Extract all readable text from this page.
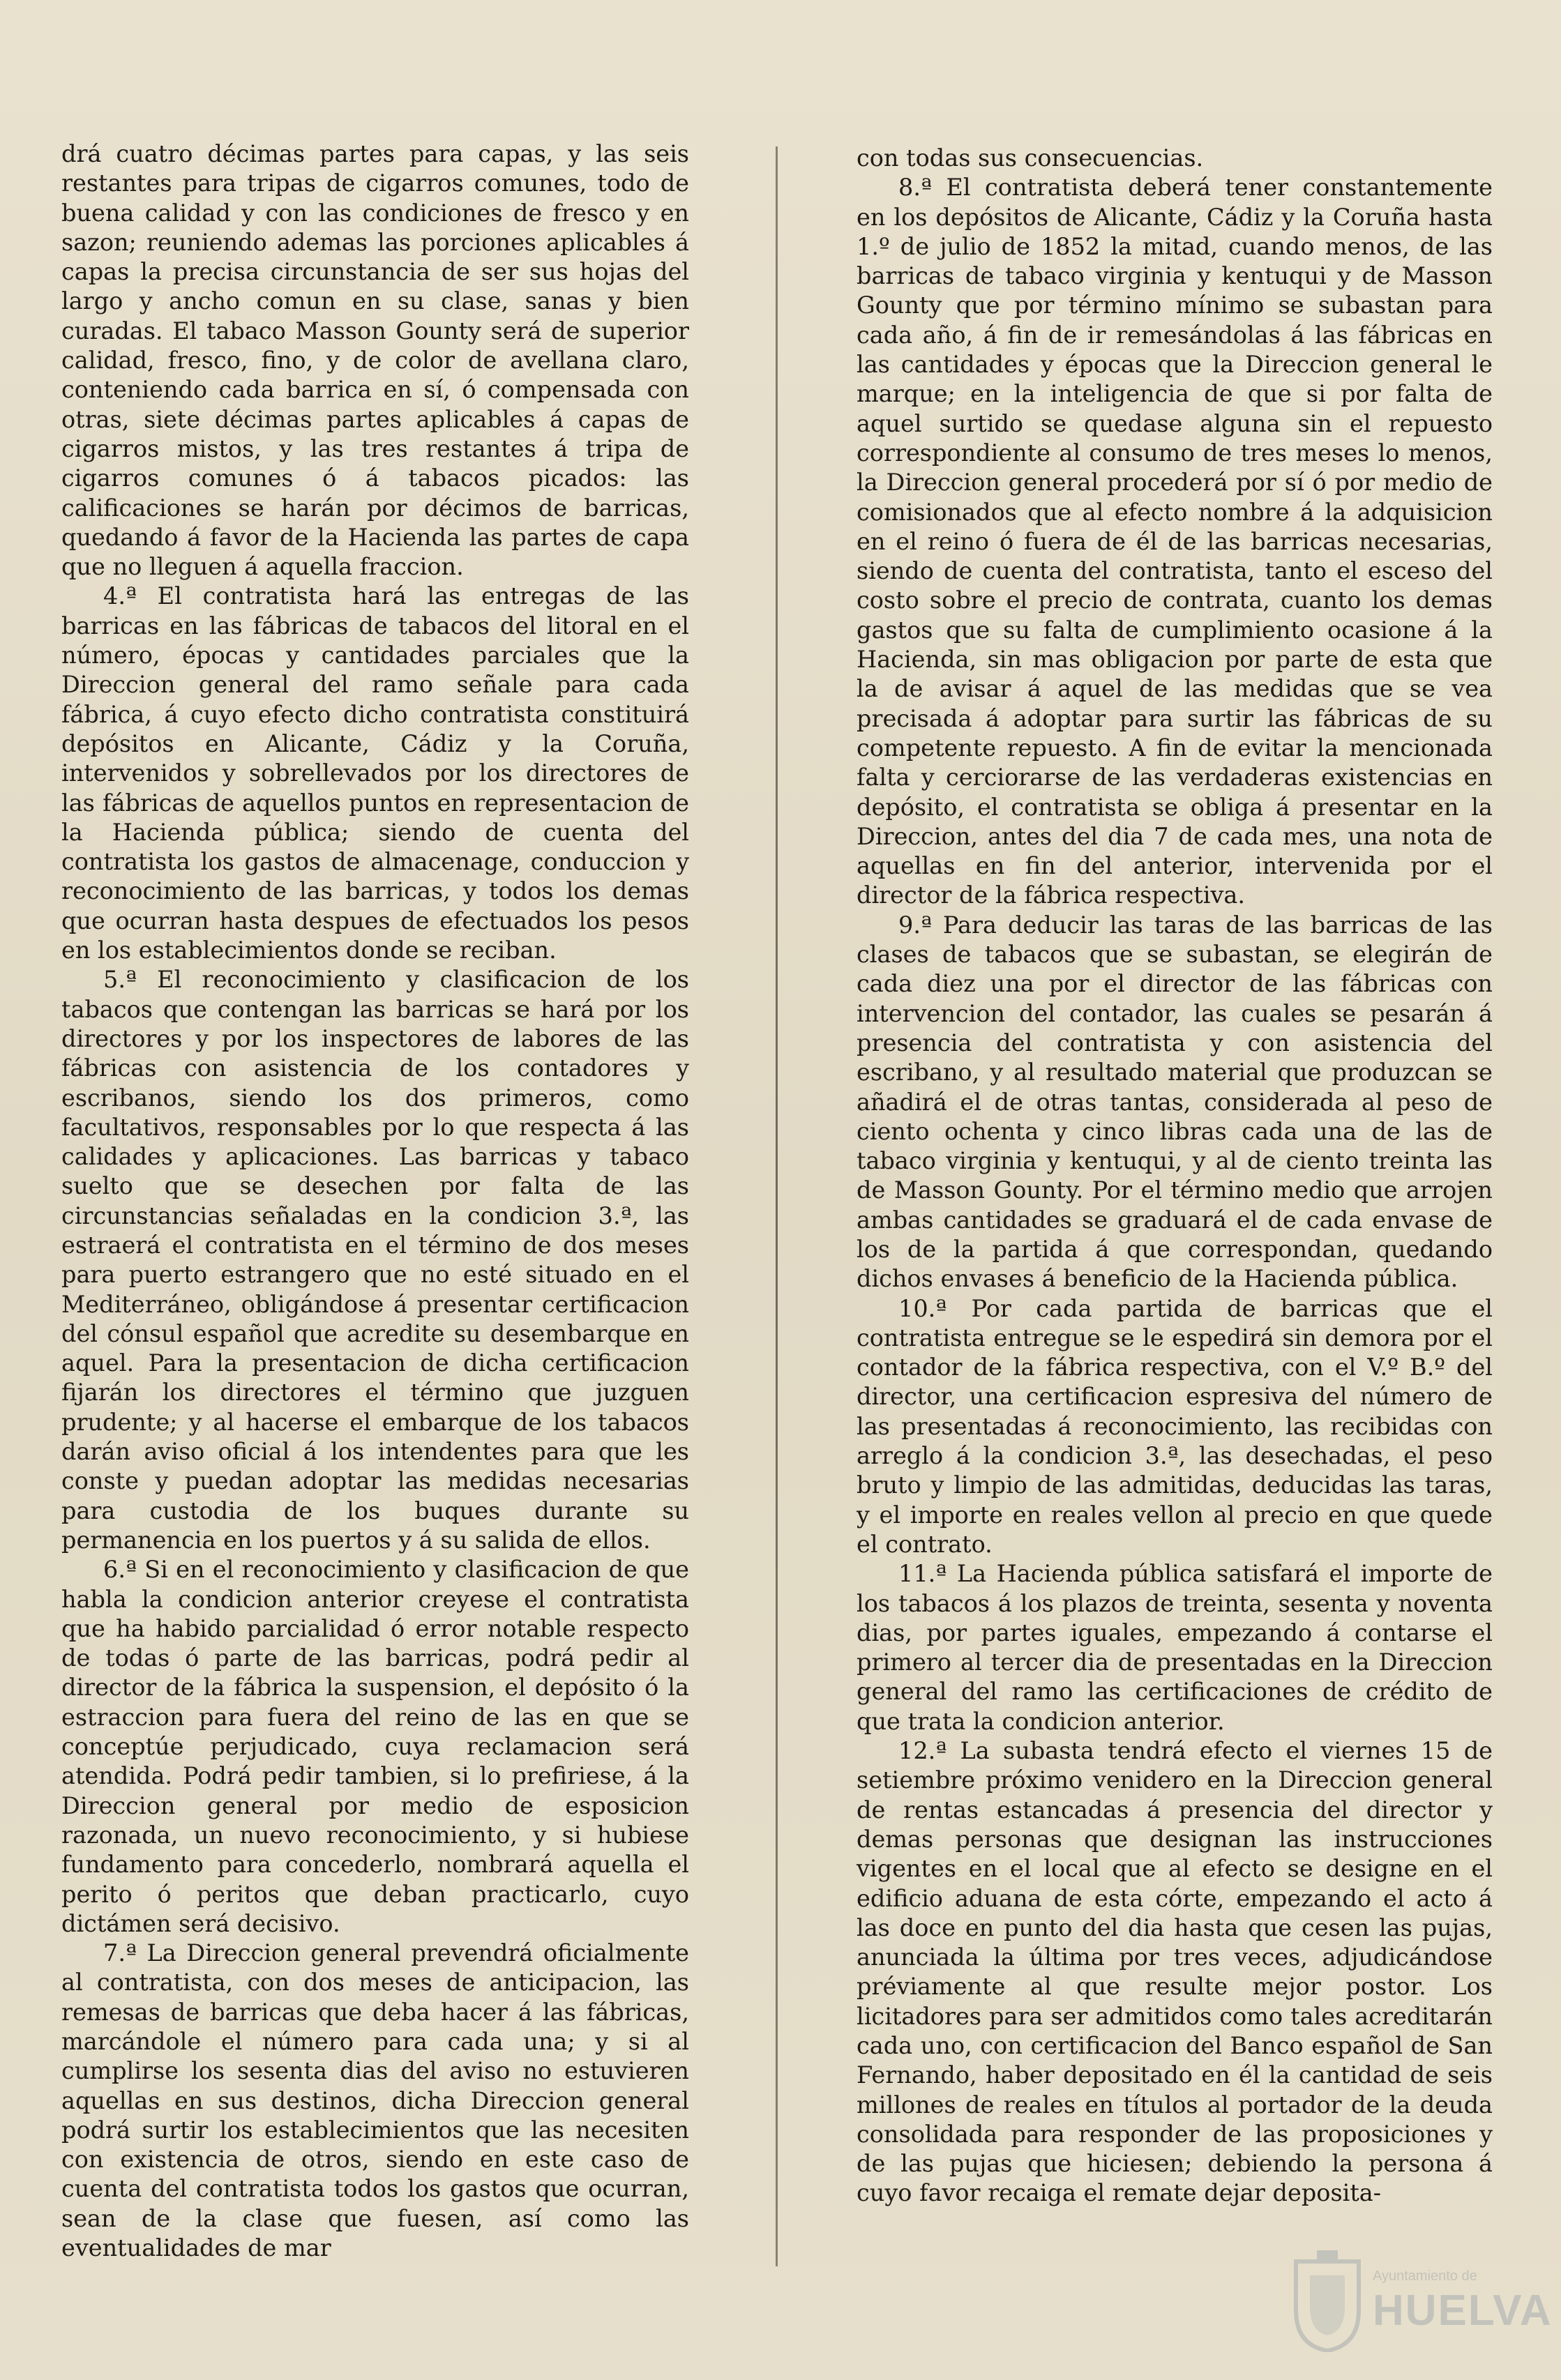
drá cuatro décimas partes para capas, y las seis restantes para tripas de cigarros comunes, todo de buena calidad y con las condiciones de fresco y en sazon; reuniendo ademas las porciones aplicables á capas la precisa circunstancia de ser sus hojas del largo y ancho comun en su clase, sanas y bien curadas. El tabaco Masson Gounty será de superior calidad, fresco, fino, y de color de avellana claro, conteniendo cada barrica en sí, ó compensada con otras, siete décimas partes aplicables á capas de cigarros mistos, y las tres restantes á tripa de cigarros comunes ó á tabacos picados: las calificaciones se harán por décimos de barricas, quedando á favor de la Hacienda las partes de capa que no lleguen á aquella fraccion.

4.ª El contratista hará las entregas de las barricas en las fábricas de tabacos del litoral en el número, épocas y cantidades parciales que la Direccion general del ramo señale para cada fábrica, á cuyo efecto dicho contratista constituirá depósitos en Alicante, Cádiz y la Coruña, intervenidos y sobrellevados por los directores de las fábricas de aquellos puntos en representacion de la Hacienda pública; siendo de cuenta del contratista los gastos de almacenage, conduccion y reconocimiento de las barricas, y todos los demas que ocurran hasta despues de efectuados los pesos en los establecimientos donde se reciban.

5.ª El reconocimiento y clasificacion de los tabacos que contengan las barricas se hará por los directores y por los inspectores de labores de las fábricas con asistencia de los contadores y escribanos, siendo los dos primeros, como facultativos, responsables por lo que respecta á las calidades y aplicaciones. Las barricas y tabaco suelto que se desechen por falta de las circunstancias señaladas en la condicion 3.ª, las estraerá el contratista en el término de dos meses para puerto estrangero que no esté situado en el Mediterráneo, obligándose á presentar certificacion del cónsul español que acredite su desembarque en aquel. Para la presentacion de dicha certificacion fijarán los directores el término que juzguen prudente; y al hacerse el embarque de los tabacos darán aviso oficial á los intendentes para que les conste y puedan adoptar las medidas necesarias para custodia de los buques durante su permanencia en los puertos y á su salida de ellos.

6.ª Si en el reconocimiento y clasificacion de que habla la condicion anterior creyese el contratista que ha habido parcialidad ó error notable respecto de todas ó parte de las barricas, podrá pedir al director de la fábrica la suspension, el depósito ó la estraccion para fuera del reino de las en que se conceptúe perjudicado, cuya reclamacion será atendida. Podrá pedir tambien, si lo prefiriese, á la Direccion general por medio de esposicion razonada, un nuevo reconocimiento, y si hubiese fundamento para concederlo, nombrará aquella el perito ó peritos que deban practicarlo, cuyo dictámen será decisivo.

7.ª La Direccion general prevendrá oficialmente al contratista, con dos meses de anticipacion, las remesas de barricas que deba hacer á las fábricas, marcándole el número para cada una; y si al cumplirse los sesenta dias del aviso no estuvieren aquellas en sus destinos, dicha Direccion general podrá surtir los establecimientos que las necesiten con existencia de otros, siendo en este caso de cuenta del contratista todos los gastos que ocurran, sean de la clase que fuesen, así como las eventualidades de mar

con todas sus consecuencias.

8.ª El contratista deberá tener constantemente en los depósitos de Alicante, Cádiz y la Coruña hasta 1.º de julio de 1852 la mitad, cuando menos, de las barricas de tabaco virginia y kentuqui y de Masson Gounty que por término mínimo se subastan para cada año, á fin de ir remesándolas á las fábricas en las cantidades y épocas que la Direccion general le marque; en la inteligencia de que si por falta de aquel surtido se quedase alguna sin el repuesto correspondiente al consumo de tres meses lo menos, la Direccion general procederá por sí ó por medio de comisionados que al efecto nombre á la adquisicion en el reino ó fuera de él de las barricas necesarias, siendo de cuenta del contratista, tanto el esceso del costo sobre el precio de contrata, cuanto los demas gastos que su falta de cumplimiento ocasione á la Hacienda, sin mas obligacion por parte de esta que la de avisar á aquel de las medidas que se vea precisada á adoptar para surtir las fábricas de su competente repuesto. A fin de evitar la mencionada falta y cerciorarse de las verdaderas existencias en depósito, el contratista se obliga á presentar en la Direccion, antes del dia 7 de cada mes, una nota de aquellas en fin del anterior, intervenida por el director de la fábrica respectiva.

9.ª Para deducir las taras de las barricas de las clases de tabacos que se subastan, se elegirán de cada diez una por el director de las fábricas con intervencion del contador, las cuales se pesarán á presencia del contratista y con asistencia del escribano, y al resultado material que produzcan se añadirá el de otras tantas, considerada al peso de ciento ochenta y cinco libras cada una de las de tabaco virginia y kentuqui, y al de ciento treinta las de Masson Gounty. Por el término medio que arrojen ambas cantidades se graduará el de cada envase de los de la partida á que correspondan, quedando dichos envases á beneficio de la Hacienda pública.

10.ª Por cada partida de barricas que el contratista entregue se le espedirá sin demora por el contador de la fábrica respectiva, con el V.º B.º del director, una certificacion espresiva del número de las presentadas á reconocimiento, las recibidas con arreglo á la condicion 3.ª, las desechadas, el peso bruto y limpio de las admitidas, deducidas las taras, y el importe en reales vellon al precio en que quede el contrato.

11.ª La Hacienda pública satisfará el importe de los tabacos á los plazos de treinta, sesenta y noventa dias, por partes iguales, empezando á contarse el primero al tercer dia de presentadas en la Direccion general del ramo las certificaciones de crédito de que trata la condicion anterior.

12.ª La subasta tendrá efecto el viernes 15 de setiembre próximo venidero en la Direccion general de rentas estancadas á presencia del director y demas personas que designan las instrucciones vigentes en el local que al efecto se designe en el edificio aduana de esta córte, empezando el acto á las doce en punto del dia hasta que cesen las pujas, anunciada la última por tres veces, adjudicándose préviamente al que resulte mejor postor. Los licitadores para ser admitidos como tales acreditarán cada uno, con certificacion del Banco español de San Fernando, haber depositado en él la cantidad de seis millones de reales en títulos al portador de la deuda consolidada para responder de las proposiciones y de las pujas que hiciesen; debiendo la persona á cuyo favor recaiga el remate dejar deposita-

Ayuntamiento de
HUELVA
